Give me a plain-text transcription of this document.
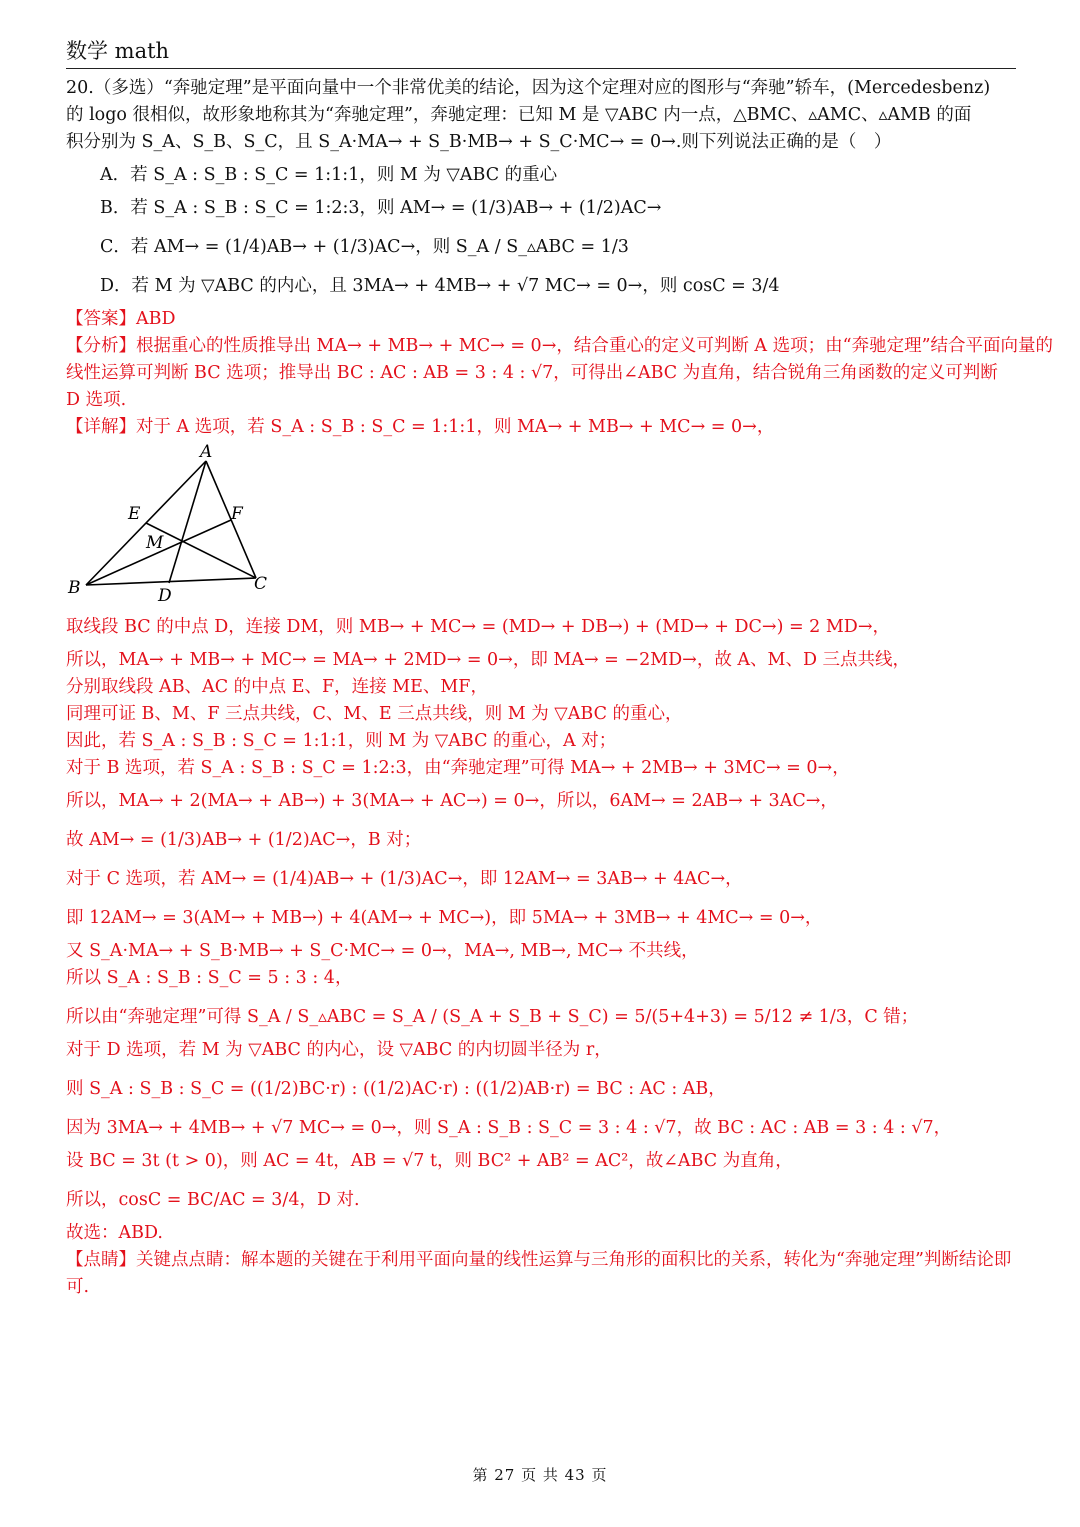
数学 math
20.（多选）“奔驰定理”是平面向量中一个非常优美的结论，因为这个定理对应的图形与“奔驰”轿车，(Mercedesbenz)
的 logo 很相似，故形象地称其为“奔驰定理”，奔驰定理：已知 M 是 ▽ABC 内一点，△BMC、▵AMC、▵AMB 的面
积分别为 S_A、S_B、S_C，且 S_A·MA→ + S_B·MB→ + S_C·MC→ = 0→.则下列说法正确的是（　）
A．若 S_A : S_B : S_C = 1:1:1，则 M 为 ▽ABC 的重心
B．若 S_A : S_B : S_C = 1:2:3，则 AM→ = (1/3)AB→ + (1/2)AC→
C．若 AM→ = (1/4)AB→ + (1/3)AC→，则 S_A / S_▵ABC = 1/3
D．若 M 为 ▽ABC 的内心，且 3MA→ + 4MB→ + √7 MC→ = 0→，则 cosC = 3/4
【答案】ABD
【分析】根据重心的性质推导出 MA→ + MB→ + MC→ = 0→，结合重心的定义可判断 A 选项；由“奔驰定理”结合平面向量的
线性运算可判断 BC 选项；推导出 BC : AC : AB = 3 : 4 : √7，可得出∠ABC 为直角，结合锐角三角函数的定义可判断
D 选项.
【详解】对于 A 选项，若 S_A : S_B : S_C = 1:1:1，则 MA→ + MB→ + MC→ = 0→，
A
B	C
D
E	F
M
取线段 BC 的中点 D，连接 DM，则 MB→ + MC→ = (MD→ + DB→) + (MD→ + DC→) = 2 MD→，
所以，MA→ + MB→ + MC→ = MA→ + 2MD→ = 0→，即 MA→ = −2MD→，故 A、M、D 三点共线，
分别取线段 AB、AC 的中点 E、F，连接 ME、MF，
同理可证 B、M、F 三点共线，C、M、E 三点共线，则 M 为 ▽ABC 的重心，
因此，若 S_A : S_B : S_C = 1:1:1，则 M 为 ▽ABC 的重心，A 对；
对于 B 选项，若 S_A : S_B : S_C = 1:2:3，由“奔驰定理”可得 MA→ + 2MB→ + 3MC→ = 0→，
所以，MA→ + 2(MA→ + AB→) + 3(MA→ + AC→) = 0→，所以，6AM→ = 2AB→ + 3AC→，
故 AM→ = (1/3)AB→ + (1/2)AC→，B 对；
对于 C 选项，若 AM→ = (1/4)AB→ + (1/3)AC→，即 12AM→ = 3AB→ + 4AC→，
即 12AM→ = 3(AM→ + MB→) + 4(AM→ + MC→)，即 5MA→ + 3MB→ + 4MC→ = 0→，
又 S_A·MA→ + S_B·MB→ + S_C·MC→ = 0→，MA→, MB→, MC→ 不共线，
所以 S_A : S_B : S_C = 5 : 3 : 4，
所以由“奔驰定理”可得 S_A / S_▵ABC = S_A / (S_A + S_B + S_C) = 5/(5+4+3) = 5/12 ≠ 1/3，C 错；
对于 D 选项，若 M 为 ▽ABC 的内心，设 ▽ABC 的内切圆半径为 r，
则 S_A : S_B : S_C = ((1/2)BC·r) : ((1/2)AC·r) : ((1/2)AB·r) = BC : AC : AB，
因为 3MA→ + 4MB→ + √7 MC→ = 0→，则 S_A : S_B : S_C = 3 : 4 : √7，故 BC : AC : AB = 3 : 4 : √7，
设 BC = 3t (t > 0)，则 AC = 4t，AB = √7 t，则 BC² + AB² = AC²，故∠ABC 为直角，
所以，cosC = BC/AC = 3/4，D 对.
故选：ABD.
【点睛】关键点点睛：解本题的关键在于利用平面向量的线性运算与三角形的面积比的关系，转化为“奔驰定理”判断结论即可.
第 27 页 共 43 页
